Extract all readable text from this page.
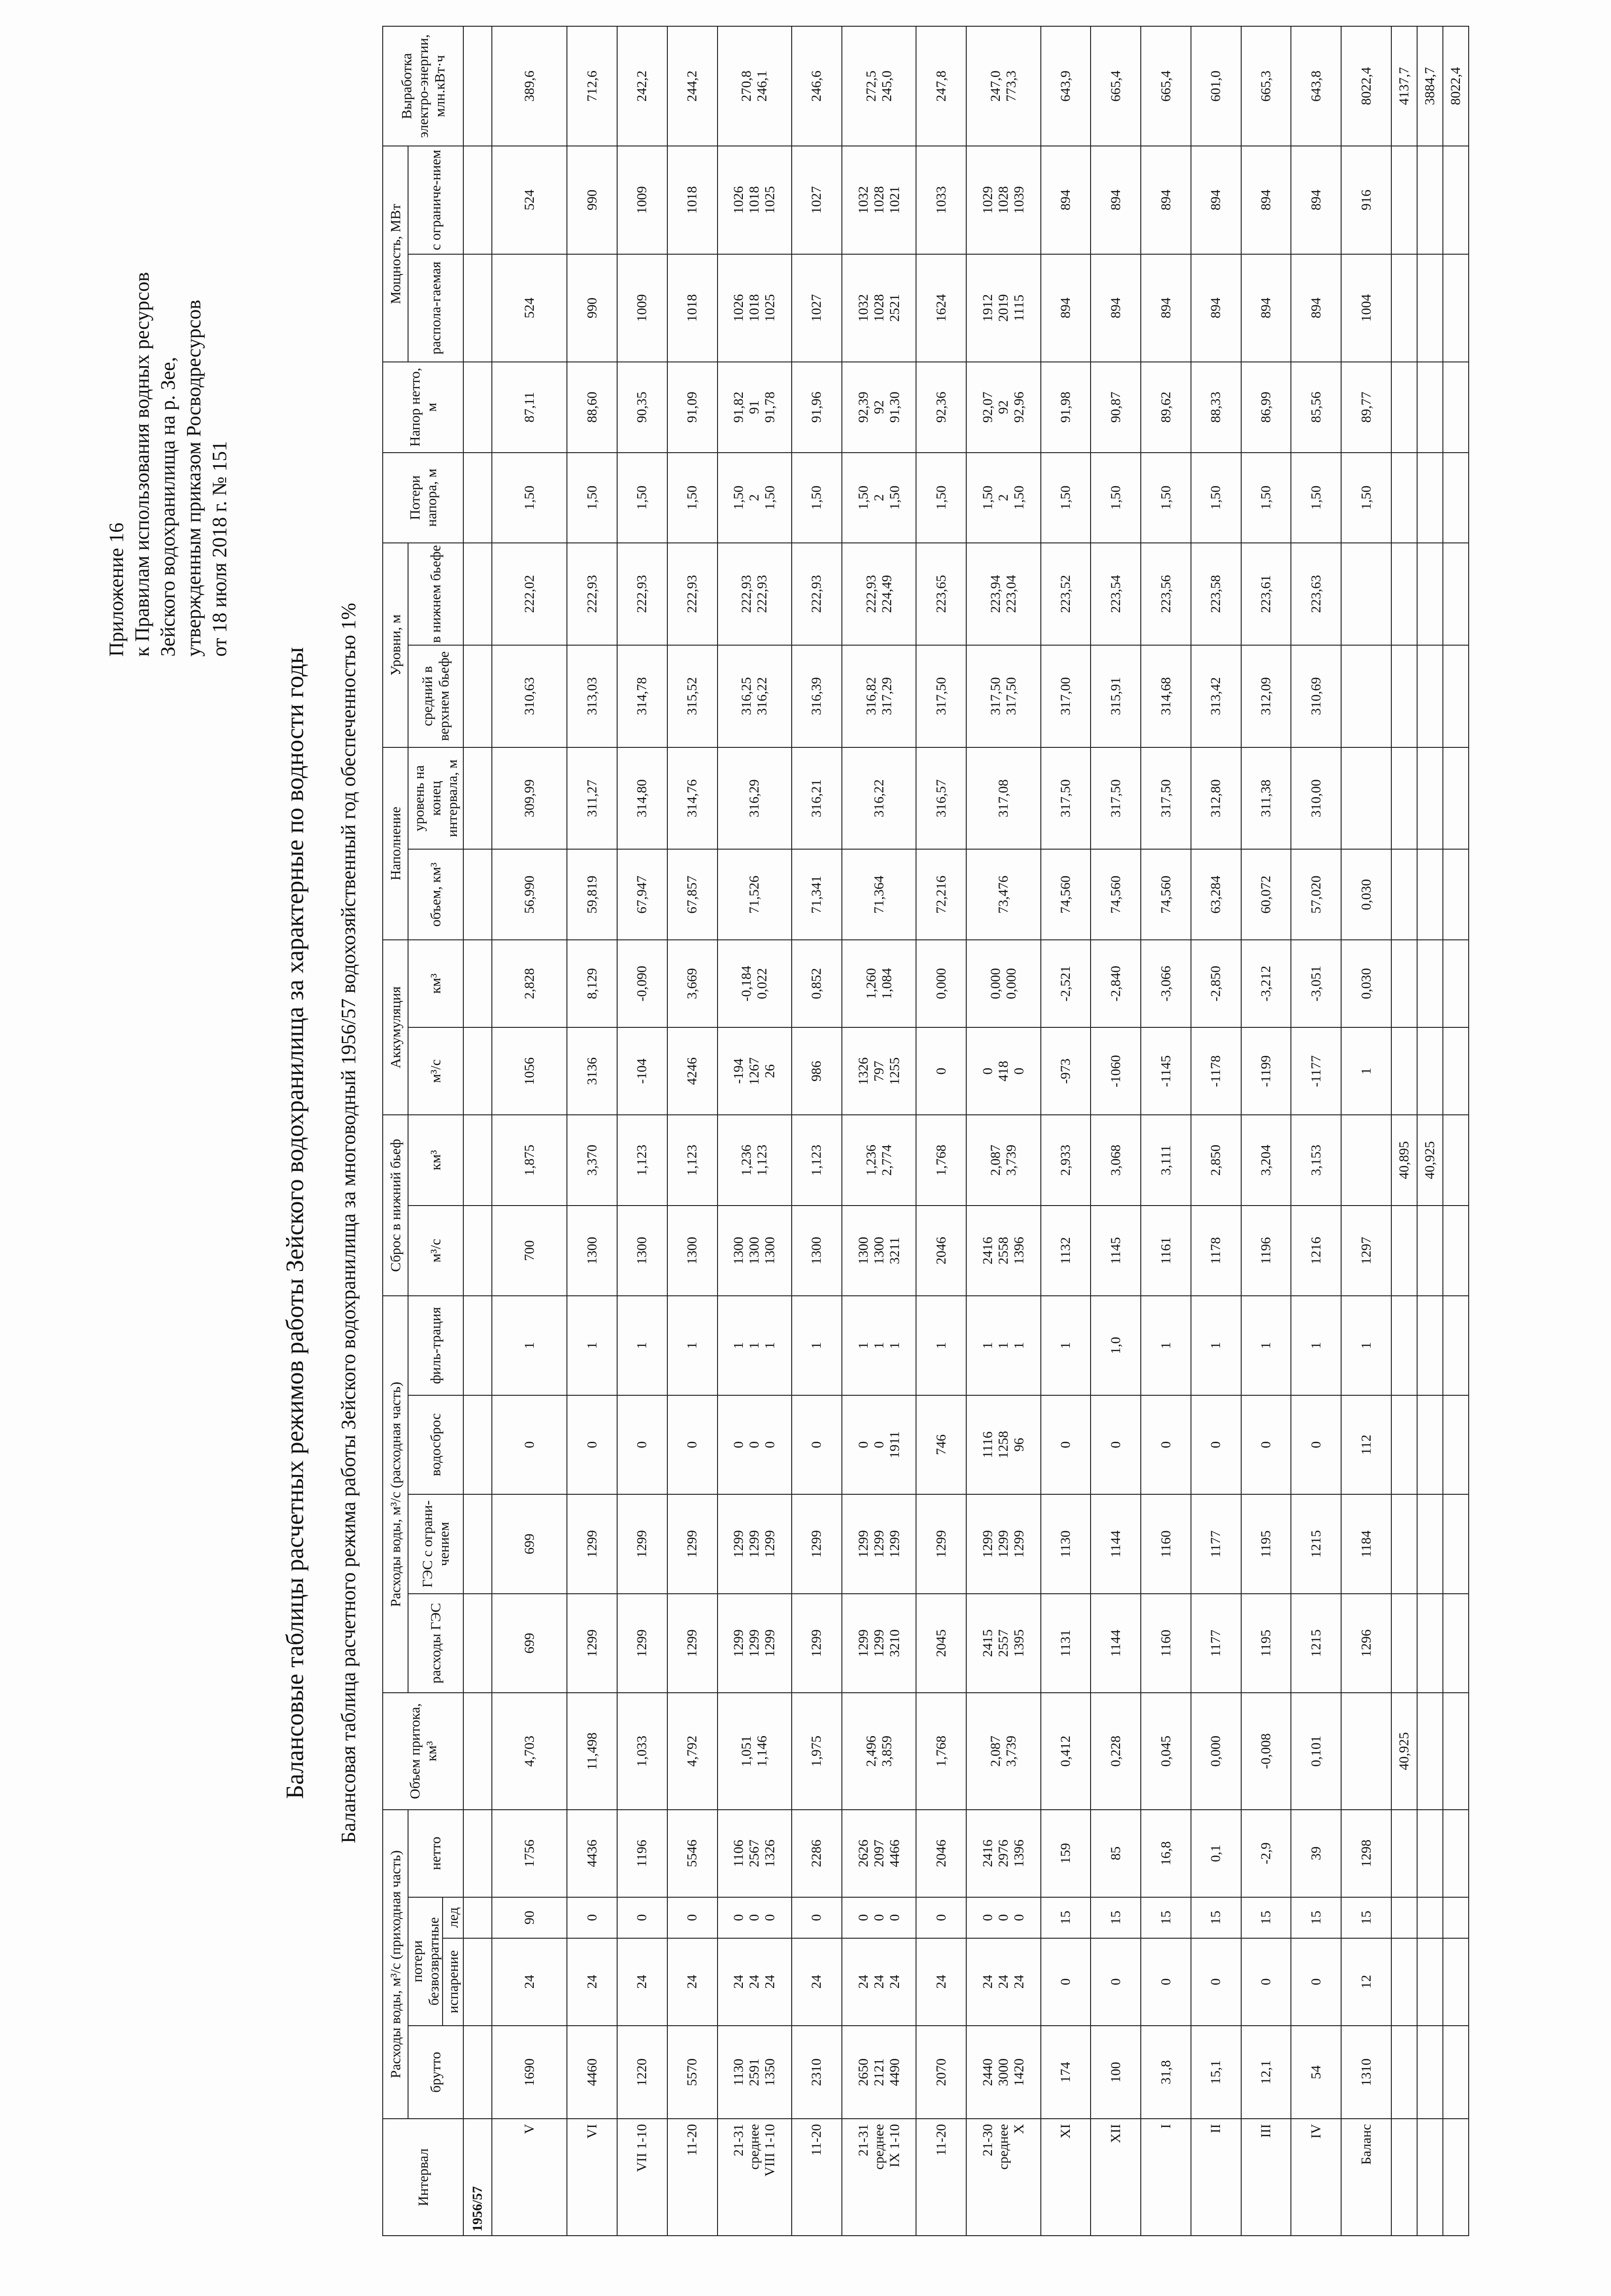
Приложение 16 к Правилам использования водных ресурсов Зейского водохранилища на р. Зее, утвержденным приказом Росводресурсов от 18 июля 2018 г. № 151
Балансовые таблицы расчетных режимов работы Зейского водохранилища за характерные по водности годы Балансовая таблица расчетного режима работы Зейского водохранилища за многоводный 1956/57 водохозяйственный год обеспеченностью 1%
Интервал	Расходы воды, м³/с (приходная часть)				Объем притока, км³	Расходы воды, м³/с (расходная часть)				Сброс в нижний бьеф		Аккумуляция		Наполнение		Уровни, м		Потери напора, м	Напор нетто, м	Мощность, МВт		Выработка электро-энергии, млн.кВт·ч
	брутто	потери безвозвратные		нетто		расходы ГЭС	ГЭС с ограни-чением	водосброс	филь-трация	м³/с	км³	м³/с	км³	объем, км³	уровень на конец интервала, м	средний в верхнем бьефе	в нижнем бьефе			распола-гаемая	с ограниче-нием	
		испарение	лед																			
1956/57																						

V	1690	24	90	1756	4,703	699	699	0	1	700	1,875	1056	2,828	56,990	309,99	310,63	222,02	1,50	87,11	524	524	389,6

VI	4460	24	0	4436	11,498	1299	1299	0	1	1300	3,370	3136	8,129	59,819	311,27	313,03	222,93	1,50	88,60	990	990	712,6

VII 1-10	1220	24	0	1196	1,033	1299	1299	0	1	1300	1,123	-104	-0,090	67,947	314,80	314,78	222,93	1,50	90,35	1009	1009	242,2

11-20	5570	24	0	5546	4,792	1299	1299	0	1	1300	1,123	4246	3,669	67,857	314,76	315,52	222,93	1,50	91,09	1018	1018	244,2

21-31 среднее VIII 1-10	1130 2591 1350	24 24 24	0 0 0	1106 2567 1326	1,051 1,146	1299 1299 1299	1299 1299 1299	0 0 0	1 1 1	1300 1300 1300	1,236 1,123	-194 1267 26	-0,184 0,022	71,526	316,29	316,25 316,22	222,93 222,93	1,50 2 1,50	91,82 91 91,78	1026 1018 1025	1026 1018 1025	270,8 246,1

11-20	2310	24	0	2286	1,975	1299	1299	0	1	1300	1,123	986	0,852	71,341	316,21	316,39	222,93	1,50	91,96	1027	1027	246,6

21-31 среднее IX 1-10	2650 2121 4490	24 24 24	0 0 0	2626 2097 4466	2,496 3,859	1299 1299 3210	1299 1299 1299	0 0 1911	1 1 1	1300 1300 3211	1,236 2,774	1326 797 1255	1,260 1,084	71,364	316,22	316,82 317,29	222,93 224,49	1,50 2 1,50	92,39 92 91,30	1032 1028 2521	1032 1028 1021	272,5 245,0

11-20	2070	24	0	2046	1,768	2045	1299	746	1	2046	1,768	0	0,000	72,216	316,57	317,50	223,65	1,50	92,36	1624	1033	247,8

21-30 среднее X	2440 3000 1420	24 24 24	0 0 0	2416 2976 1396	2,087 3,739	2415 2557 1395	1299 1299 1299	1116 1258 96	1 1 1	2416 2558 1396	2,087 3,739	0 418 0	0,000 0,000	73,476	317,08	317,50 317,50	223,94 223,04	1,50 2 1,50	92,07 92 92,96	1912 2019 1115	1029 1028 1039	247,0 773,3

XI	174	0	15	159	0,412	1131	1130	0	1	1132	2,933	-973	-2,521	74,560	317,50	317,00	223,52	1,50	91,98	894	894	643,9

XII	100	0	15	85	0,228	1144	1144	0	1,0	1145	3,068	-1060	-2,840	74,560	317,50	315,91	223,54	1,50	90,87	894	894	665,4

I	31,8	0	15	16,8	0,045	1160	1160	0	1	1161	3,111	-1145	-3,066	74,560	317,50	314,68	223,56	1,50	89,62	894	894	665,4

II	15,1	0	15	0,1	0,000	1177	1177	0	1	1178	2,850	-1178	-2,850	63,284	312,80	313,42	223,58	1,50	88,33	894	894	601,0

III	12,1	0	15	-2,9	-0,008	1195	1195	0	1	1196	3,204	-1199	-3,212	60,072	311,38	312,09	223,61	1,50	86,99	894	894	665,3

IV	54	0	15	39	0,101	1215	1215	0	1	1216	3,153	-1177	-3,051	57,020	310,00	310,69	223,63	1,50	85,56	894	894	643,8

Баланс	1310	12	15	1298		1296	1184	112	1	1297		1	0,030	0,030				1,50	89,77	1004	916	8022,4
					40,925						40,895											4137,7
											40,925											3884,7
																						8022,4
